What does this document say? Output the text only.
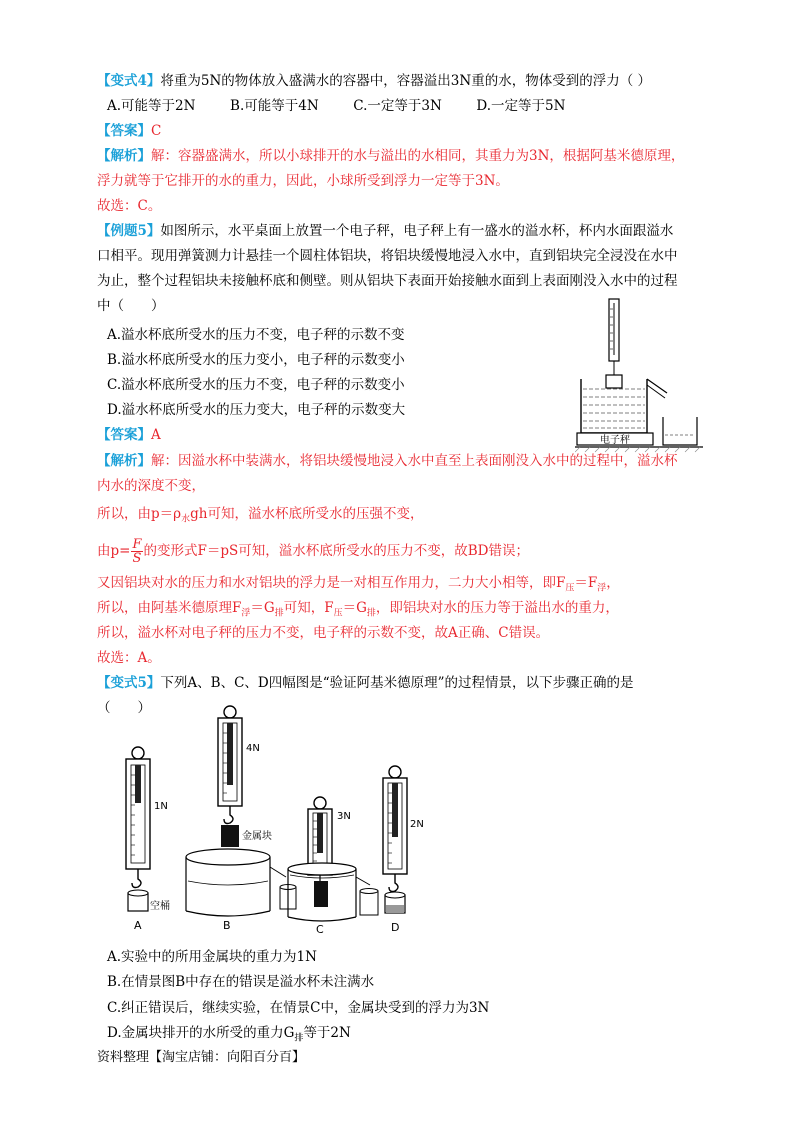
【变式4】将重为5N的物体放入盛满水的容器中，容器溢出3N重的水，物体受到的浮力（ ）
A.可能等于2N	B.可能等于4N	C.一定等于3N	D.一定等于5N
【答案】C
【解析】解：容器盛满水，所以小球排开的水与溢出的水相同，其重力为3N，根据阿基米德原理，
浮力就等于它排开的水的重力，因此，小球所受到浮力一定等于3N。
故选：C。
【例题5】如图所示，水平桌面上放置一个电子秤，电子秤上有一盛水的溢水杯，杯内水面跟溢水
口相平。现用弹簧测力计悬挂一个圆柱体铝块，将铝块缓慢地浸入水中，直到铝块完全浸没在水中
为止，整个过程铝块未接触杯底和侧壁。则从铝块下表面开始接触水面到上表面刚没入水中的过程
中（　　）
A.溢水杯底所受水的压力不变，电子秤的示数不变
B.溢水杯底所受水的压力变小，电子秤的示数变小
C.溢水杯底所受水的压力不变，电子秤的示数变小
D.溢水杯底所受水的压力变大，电子秤的示数变大
电子秤
【答案】A
【解析】解：因溢水杯中装满水，将铝块缓慢地浸入水中直至上表面刚没入水中的过程中，溢水杯
内水的深度不变，
所以，由$p=\rho_水gh$可知，溢水杯底所受水的压强不变，
由$p= \frac{F}{S}$ 的变形式F＝pS可知，溢水杯底所受水的压力不变，故BD错误；
又因铝块对水的压力和水对铝块的浮力是一对相互作用力，二力大小相等，即$F_压=F_浮$，
所以，由阿基米德原理$F_浮=G_排$可知，$F_压=G_排$，即铝块对水的压力等于溢出水的重力，
所以，溢水杯对电子秤的压力不变，电子秤的示数不变，故A正确、C错误。
故选：A。
【变式5】下列A、B、C、D四幅图是“验证阿基米德原理”的过程情景，以下步骤正确的是
（　　）
1N
空桶
A
4N
金属块
B
3N
C
2N
D
A.实验中的所用金属块的重力为1N
B.在情景图B中存在的错误是溢水杯未注满水
C.纠正错误后，继续实验，在情景C中，金属块受到的浮力为3N
D.金属块排开的水所受的重力$G_排$等于2N
资料整理【淘宝店铺：向阳百分百】
